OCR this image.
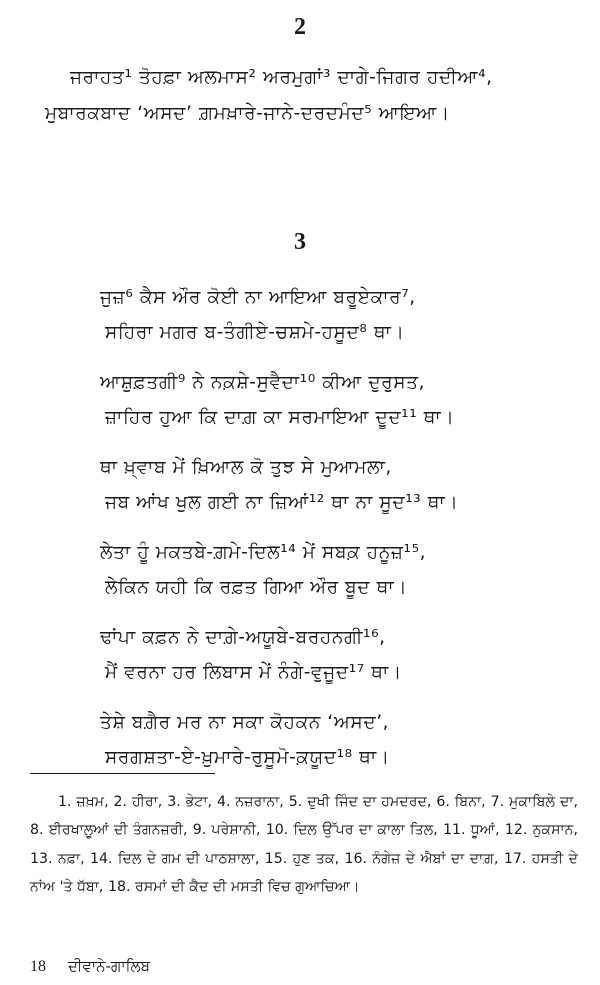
2
ਜਰਾਹਤ¹ ਤੋਹਫ਼ਾ ਅਲਮਾਸ² ਅਰਮੁਗਾਂ³ ਦਾਗੇ-ਜਿਗਰ ਹਦੀਆ⁴,
ਮੁਬਾਰਕਬਾਦ ‘ਅਸਦ’ ਗ਼ਮਖ਼ਾਰੇ-ਜਾਨੇ-ਦਰਦਮੰਦ⁵ ਆਇਆ।
3
ਜੁਜ਼⁶ ਕੈਸ ਔਰ ਕੋਈ ਨਾ ਆਇਆ ਬਰੂਏਕਾਰ⁷,
ਸਹਿਰਾ ਮਗਰ ਬ-ਤੰਗੀਏ-ਚਸ਼ਮੇ-ਹਸੂਦ⁸ ਥਾ।
ਆਸ਼ੁਫ਼ਤਗੀ⁹ ਨੇ ਨਕ਼ਸ਼ੇ-ਸੁਵੈਦਾ¹⁰ ਕੀਆ ਦੁਰੁਸਤ,
ਜ਼ਾਹਿਰ ਹੁਆ ਕਿ ਦਾਗ਼ ਕਾ ਸਰਮਾਇਆ ਦੂਦ¹¹ ਥਾ।
ਥਾ ਖ਼੍ਵਾਬ ਮੇਂ ਖ਼ਿਆਲ ਕੋ ਤੁਝ ਸੇ ਮੁਆਮਲਾ,
ਜਬ ਆਂਖ ਖੁਲ ਗਈ ਨਾ ਜ਼ਿਆਂ¹² ਥਾ ਨਾ ਸੂਦ¹³ ਥਾ।
ਲੇਤਾ ਹੂੰ ਮਕਤਬੇ-ਗ਼ਮੇ-ਦਿਲ¹⁴ ਮੇਂ ਸਬਕ਼ ਹਨੂਜ਼¹⁵,
ਲੇਕਿਨ ਯਹੀ ਕਿ ਰਫ਼ਤ ਗਿਆ ਔਰ ਬੂਦ ਥਾ।
ਢਾਂਪਾ ਕਫ਼ਨ ਨੇ ਦਾਗ਼ੇ-ਅਯੂਬੇ-ਬਰਹਨਗੀ¹⁶,
ਮੈਂ ਵਰਨਾ ਹਰ ਲਿਬਾਸ ਮੇਂ ਨੰਗੇ-ਵੁਜੂਦ¹⁷ ਥਾ।
ਤੇਸ਼ੇ ਬਗ਼ੈਰ ਮਰ ਨਾ ਸਕਾ ਕੋਹਕਨ ‘ਅਸਦ’,
ਸਰਗਸ਼ਤਾ-ਏ-ਖ਼ੁਮਾਰੇ-ਰੁਸੂਮੋ-ਕ਼ਯੂਦ¹⁸ ਥਾ।
1. ਜ਼ਖ਼ਮ, 2. ਹੀਰਾ, 3. ਭੇਟਾ, 4. ਨਜ਼ਰਾਨਾ, 5. ਦੁਖੀ ਜਿੰਦ ਦਾ ਹਮਦਰਦ, 6. ਬਿਨਾ, 7. ਮੁਕਾਬਿਲੇ ਦਾ, 8. ਈਰਖਾਲੂਆਂ ਦੀ ਤੰਗਨਜ਼ਰੀ, 9. ਪਰੇਸ਼ਾਨੀ, 10. ਦਿਲ ਉੱਪਰ ਦਾ ਕਾਲਾ ਤਿਲ, 11. ਧੂਆਂ, 12. ਨੁਕਸਾਨ, 13. ਨਫ਼ਾ, 14. ਦਿਲ ਦੇ ਗਮ ਦੀ ਪਾਠਸ਼ਾਲਾ, 15. ਹੁਣ ਤਕ, 16. ਨੰਗੇਜ਼ ਦੇ ਐਬਾਂ ਦਾ ਦਾਗ਼, 17. ਹਸਤੀ ਦੇ ਨਾਂਅ 'ਤੇ ਧੱਬਾ, 18. ਰਸਮਾਂ ਦੀ ਕੈਦ ਦੀ ਮਸਤੀ ਵਿਚ ਗੁਆਚਿਆ।
18 ਦੀਵਾਨੇ-ਗਾਲਿਬ
